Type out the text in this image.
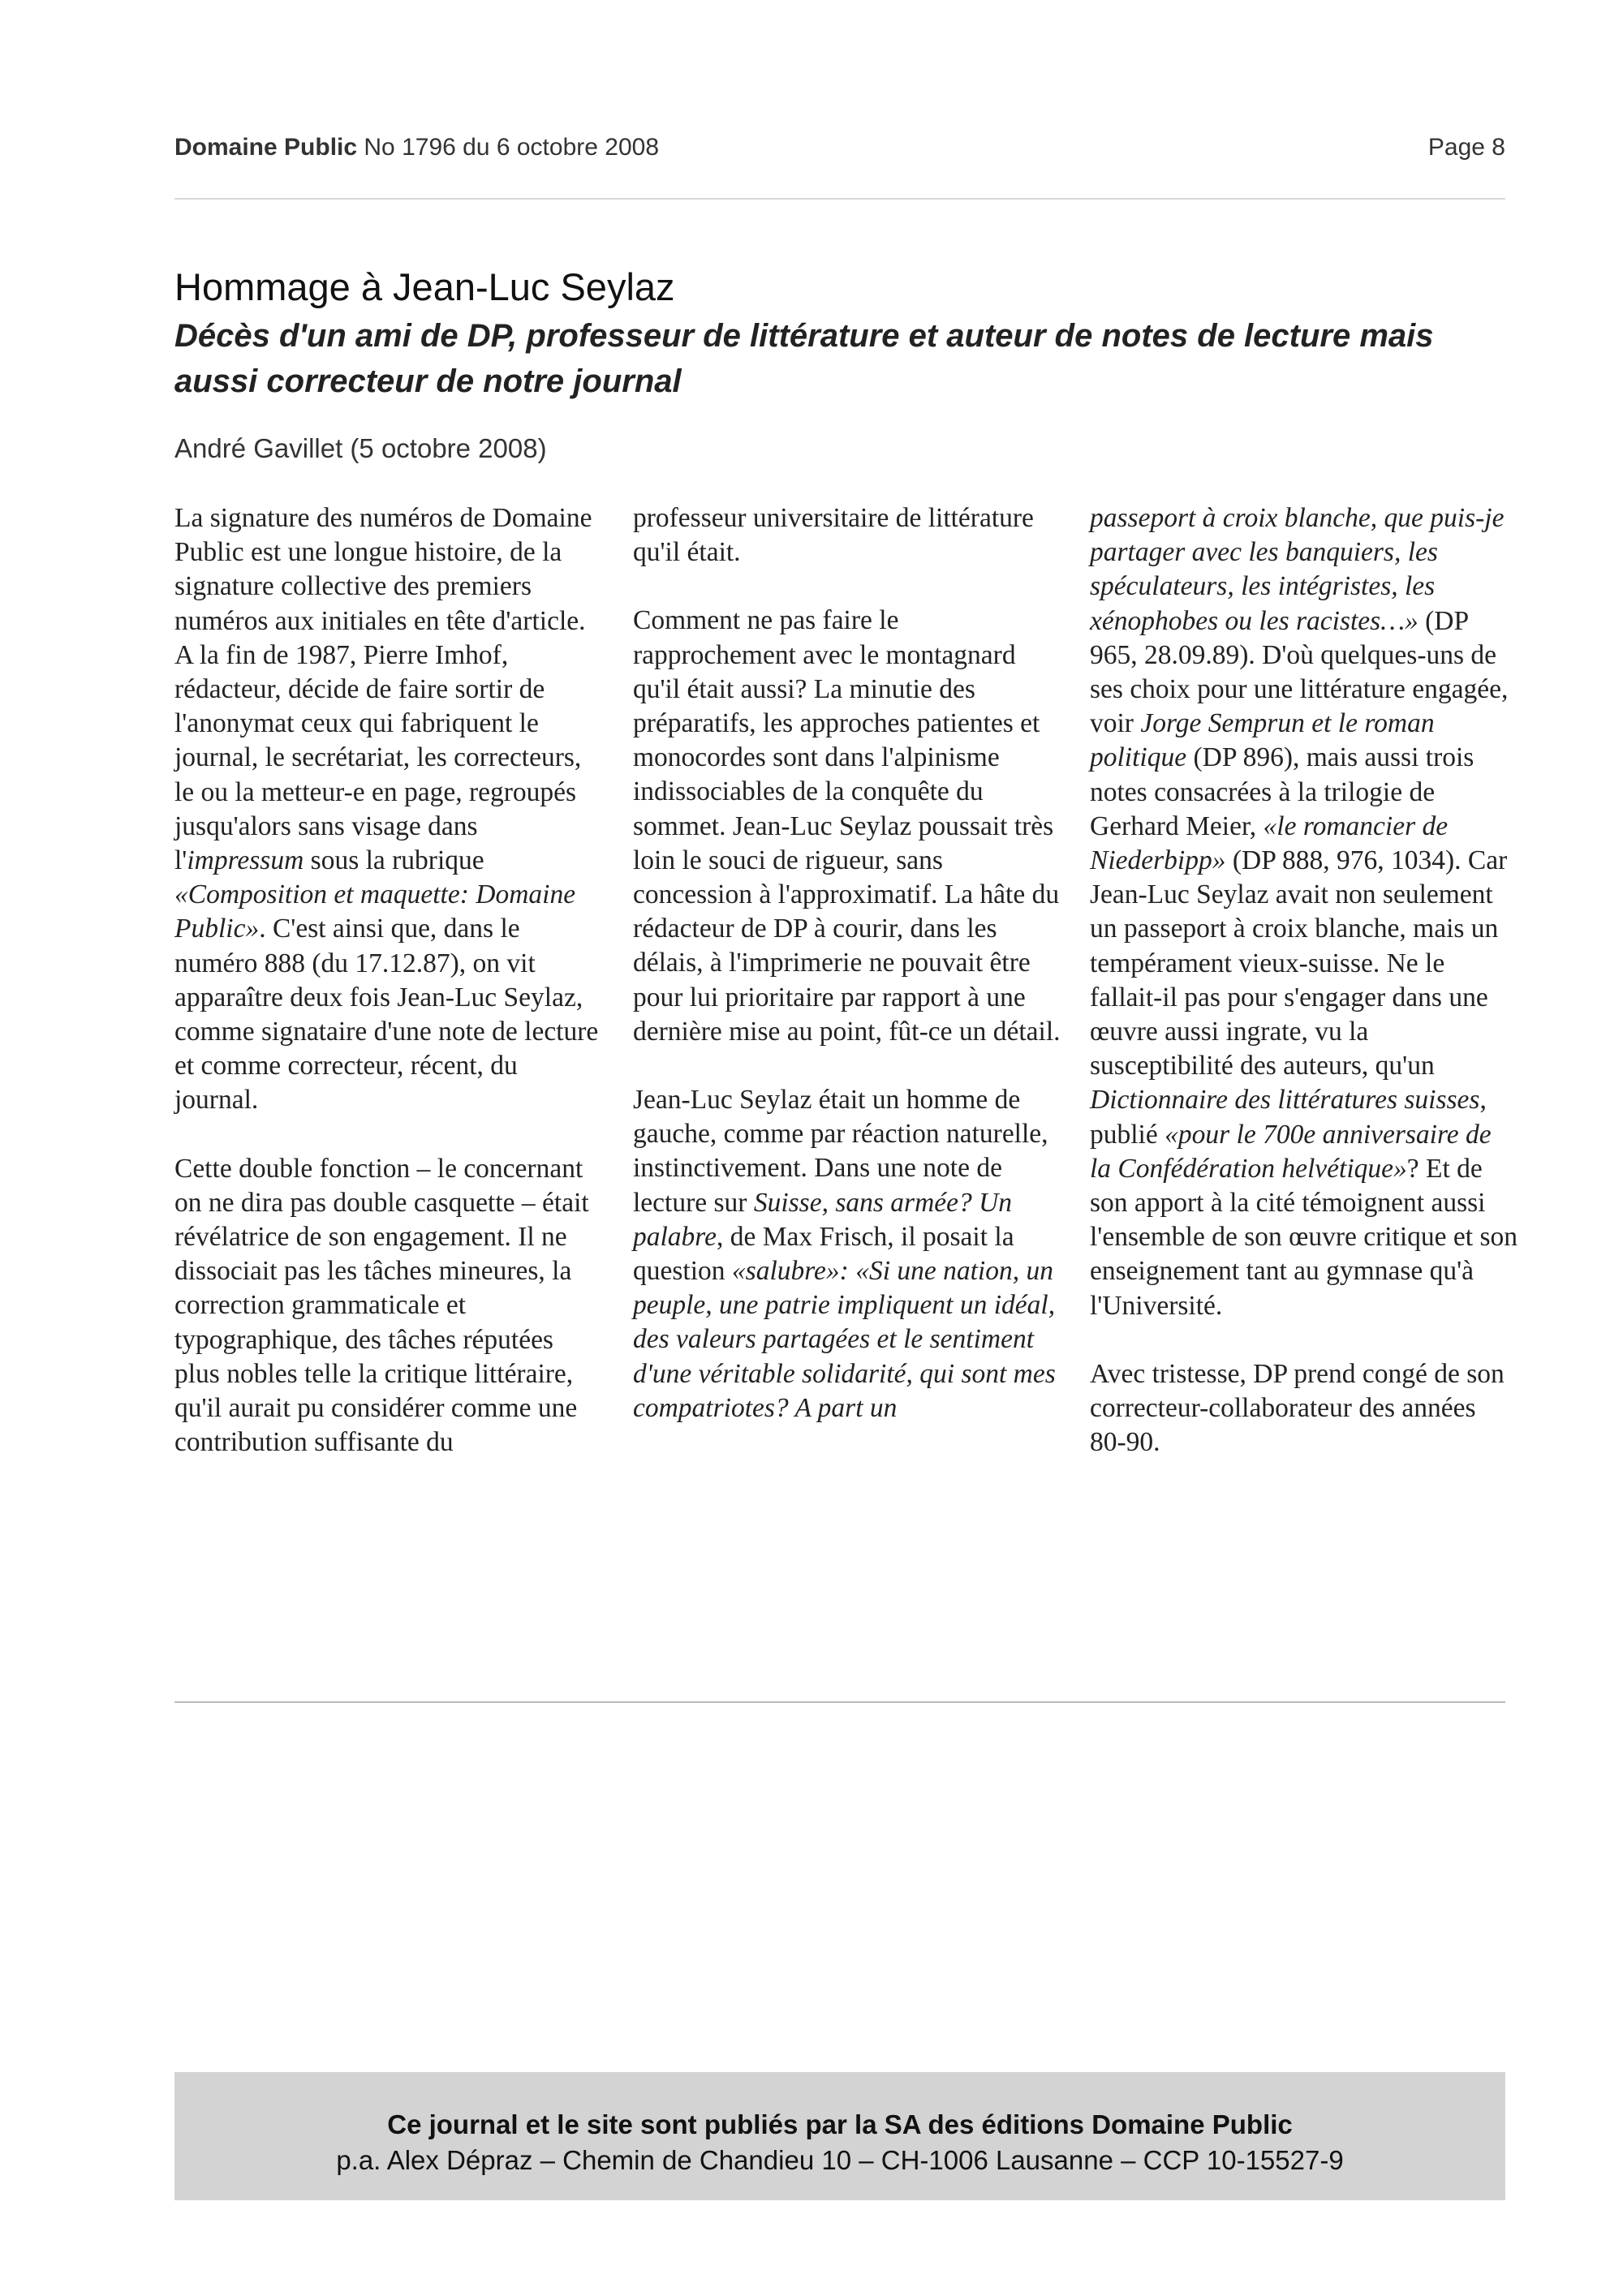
Domaine Public No 1796 du 6 octobre 2008	Page 8
Hommage à Jean-Luc Seylaz
Décès d'un ami de DP, professeur de littérature et auteur de notes de lecture mais aussi correcteur de notre journal
André Gavillet (5 octobre 2008)

La signature des numéros de Domaine Public est une longue histoire, de la signature collective des premiers numéros aux initiales en tête d'article. A la fin de 1987, Pierre Imhof, rédacteur, décide de faire sortir de l'anonymat ceux qui fabriquent le journal, le secrétariat, les correcteurs, le ou la metteur-e en page, regroupés jusqu'alors sans visage dans l'impressum sous la rubrique «Composition et maquette: Domaine Public». C'est ainsi que, dans le numéro 888 (du 17.12.87), on vit apparaître deux fois Jean-Luc Seylaz, comme signataire d'une note de lecture et comme correcteur, récent, du journal.

Cette double fonction – le concernant on ne dira pas double casquette – était révélatrice de son engagement. Il ne dissociait pas les tâches mineures, la correction grammaticale et typographique, des tâches réputées plus nobles telle la critique littéraire, qu'il aurait pu considérer comme une contribution suffisante du

professeur universitaire de littérature qu'il était.

Comment ne pas faire le rapprochement avec le montagnard qu'il était aussi? La minutie des préparatifs, les approches patientes et monocordes sont dans l'alpinisme indissociables de la conquête du sommet. Jean-Luc Seylaz poussait très loin le souci de rigueur, sans concession à l'approximatif. La hâte du rédacteur de DP à courir, dans les délais, à l'imprimerie ne pouvait être pour lui prioritaire par rapport à une dernière mise au point, fût-ce un détail.

Jean-Luc Seylaz était un homme de gauche, comme par réaction naturelle, instinctivement. Dans une note de lecture sur Suisse, sans armée? Un palabre, de Max Frisch, il posait la question «salubre»: «Si une nation, un peuple, une patrie impliquent un idéal, des valeurs partagées et le sentiment d'une véritable solidarité, qui sont mes compatriotes? A part un

passeport à croix blanche, que puis-je partager avec les banquiers, les spéculateurs, les intégristes, les xénophobes ou les racistes…» (DP 965, 28.09.89). D'où quelques-uns de ses choix pour une littérature engagée, voir Jorge Semprun et le roman politique (DP 896), mais aussi trois notes consacrées à la trilogie de Gerhard Meier, «le romancier de Niederbipp» (DP 888, 976, 1034). Car Jean-Luc Seylaz avait non seulement un passeport à croix blanche, mais un tempérament vieux-suisse. Ne le fallait-il pas pour s'engager dans une œuvre aussi ingrate, vu la susceptibilité des auteurs, qu'un Dictionnaire des littératures suisses, publié «pour le 700e anniversaire de la Confédération helvétique»? Et de son apport à la cité témoignent aussi l'ensemble de son œuvre critique et son enseignement tant au gymnase qu'à l'Université.

Avec tristesse, DP prend congé de son correcteur-collaborateur des années 80-90.

Ce journal et le site sont publiés par la SA des éditions Domaine Public
p.a. Alex Dépraz – Chemin de Chandieu 10 – CH-1006 Lausanne – CCP 10-15527-9
